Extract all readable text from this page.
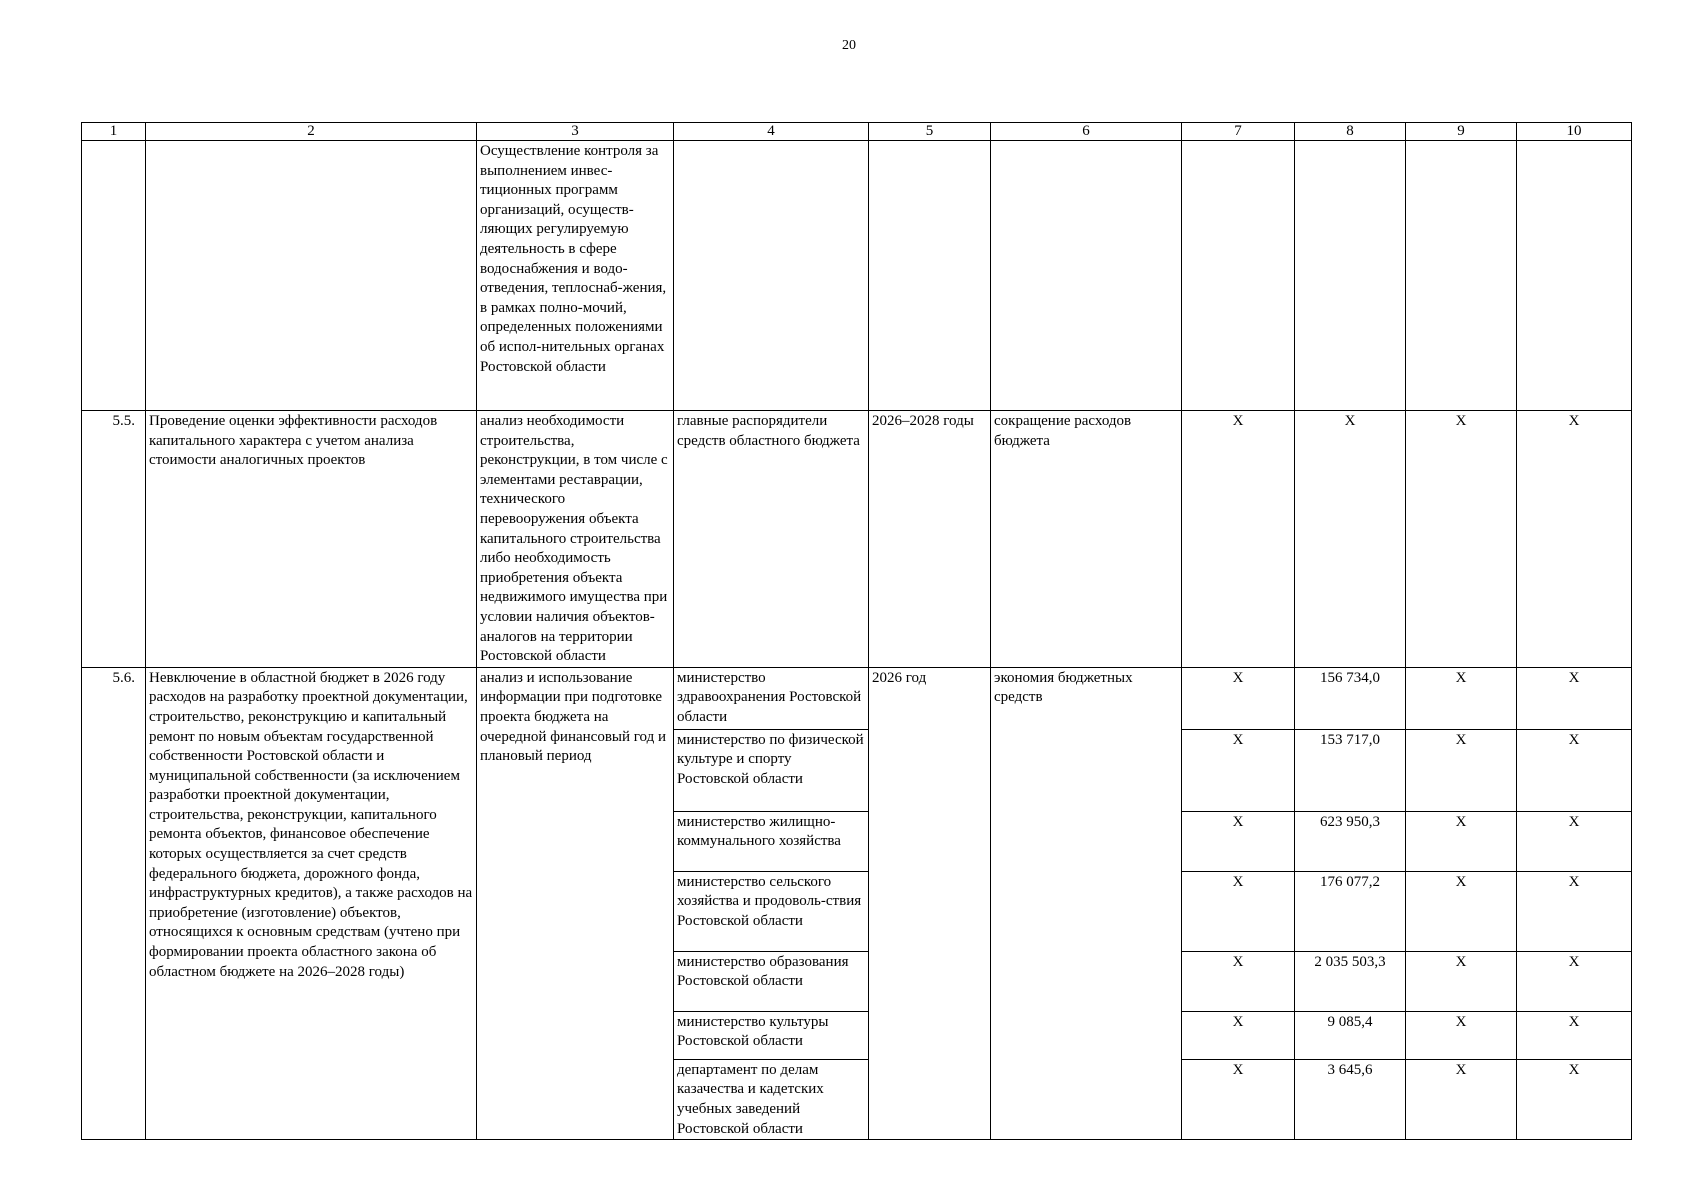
20
1	2	3	4	5	6	7	8	9	10
		Осуществление контроля за выполнением инвес-тиционных программ организаций, осуществ-ляющих регулируемую деятельность в сфере водоснабжения и водо-отведения, теплоснаб-жения, в рамках полно-мочий, определенных положениями об испол-нительных органах Ростовской области							
5.5.	Проведение оценки эффективности расходов капитального характера с учетом анализа стоимости аналогичных проектов	анализ необходимости строительства, реконструкции, в том числе с элементами реставрации, технического перевооружения объекта капитального строительства либо необходимость приобретения объекта недвижимого имущества при условии наличия объектов-аналогов на территории Ростовской области	главные распорядители средств областного бюджета	2026–2028 годы	сокращение расходов бюджета	Х	Х	Х	Х
5.6.	Невключение в областной бюджет в 2026 году расходов на разработку проектной документации, строительство, реконструкцию и капитальный ремонт по новым объектам государственной собственности Ростовской области и муниципальной собственности (за исключением разработки проектной документации, строительства, реконструкции, капитального ремонта объектов, финансовое обеспечение которых осуществляется за счет средств федерального бюджета, дорожного фонда, инфраструктурных кредитов), а также расходов на приобретение (изготовление) объектов, относящихся к основным средствам (учтено при формировании проекта областного закона об областном бюджете на 2026–2028 годы)	анализ и использование информации при подготовке проекта бюджета на очередной финансовый год и плановый период	министерство здравоохранения Ростовской области	2026 год	экономия бюджетных средств	Х	156 734,0	Х	Х
			министерство по физической культуре и спорту Ростовской области			Х	153 717,0	Х	Х
			министерство жилищно-коммунального хозяйства			Х	623 950,3	Х	Х
			министерство сельского хозяйства и продоволь-ствия Ростовской области			Х	176 077,2	Х	Х
			министерство образования Ростовской области			Х	2 035 503,3	Х	Х
			министерство культуры Ростовской области			Х	9 085,4	Х	Х
			департамент по делам казачества и кадетских учебных заведений Ростовской области			Х	3 645,6	Х	Х
